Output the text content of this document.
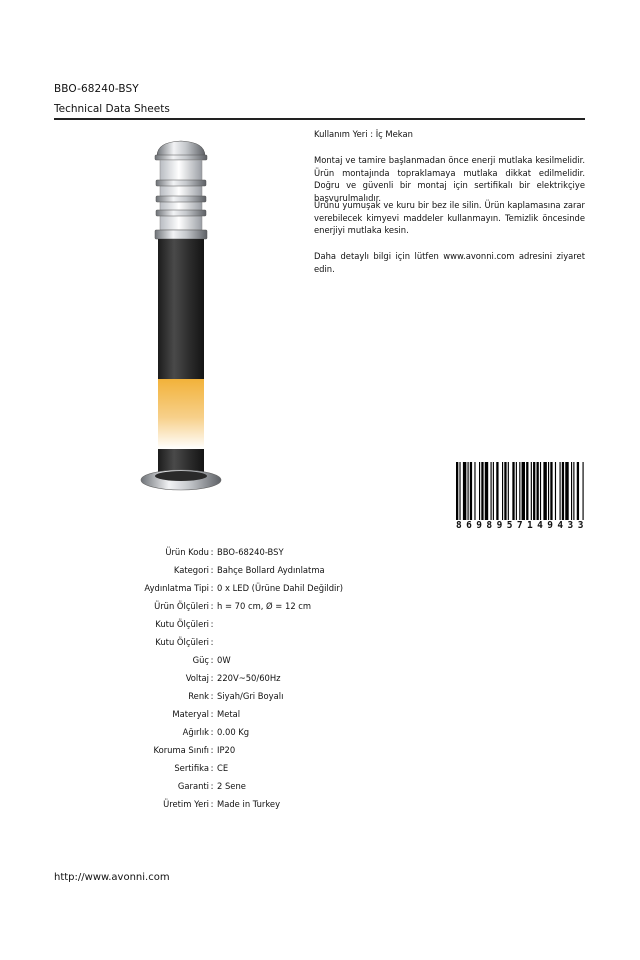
BBO-68240-BSY
Technical Data Sheets
Kullanım Yeri : İç Mekan
Montaj ve tamire başlanmadan önce enerji mutlaka kesilmelidir. Ürün montajında topraklamaya mutlaka dikkat edilmelidir. Doğru ve güvenli bir montaj için sertifikalı bir elektrikçiye başvurulmalıdır.
Ürünü yumuşak ve kuru bir bez ile silin. Ürün kaplamasına zarar verebilecek kimyevi maddeler kullanmayın. Temizlik öncesinde enerjiyi mutlaka kesin.
Daha detaylı bilgi için lütfen www.avonni.com adresini ziyaret edin.
8 6 9 8 9 5 7 1 4 9 4 3 3
Ürün Kodu : BBO-68240-BSY
Kategori : Bahçe Bollard Aydınlatma
Aydınlatma Tipi : 0 x LED (Ürüne Dahil Değildir)
Ürün Ölçüleri : h = 70 cm, Ø = 12 cm
Kutu Ölçüleri :
Kutu Ölçüleri :
Güç : 0W
Voltaj : 220V~50/60Hz
Renk : Siyah/Gri Boyalı
Materyal : Metal
Ağırlık : 0.00 Kg
Koruma Sınıfı : IP20
Sertifika : CE
Garanti : 2 Sene
Üretim Yeri : Made in Turkey
http://www.avonni.com
